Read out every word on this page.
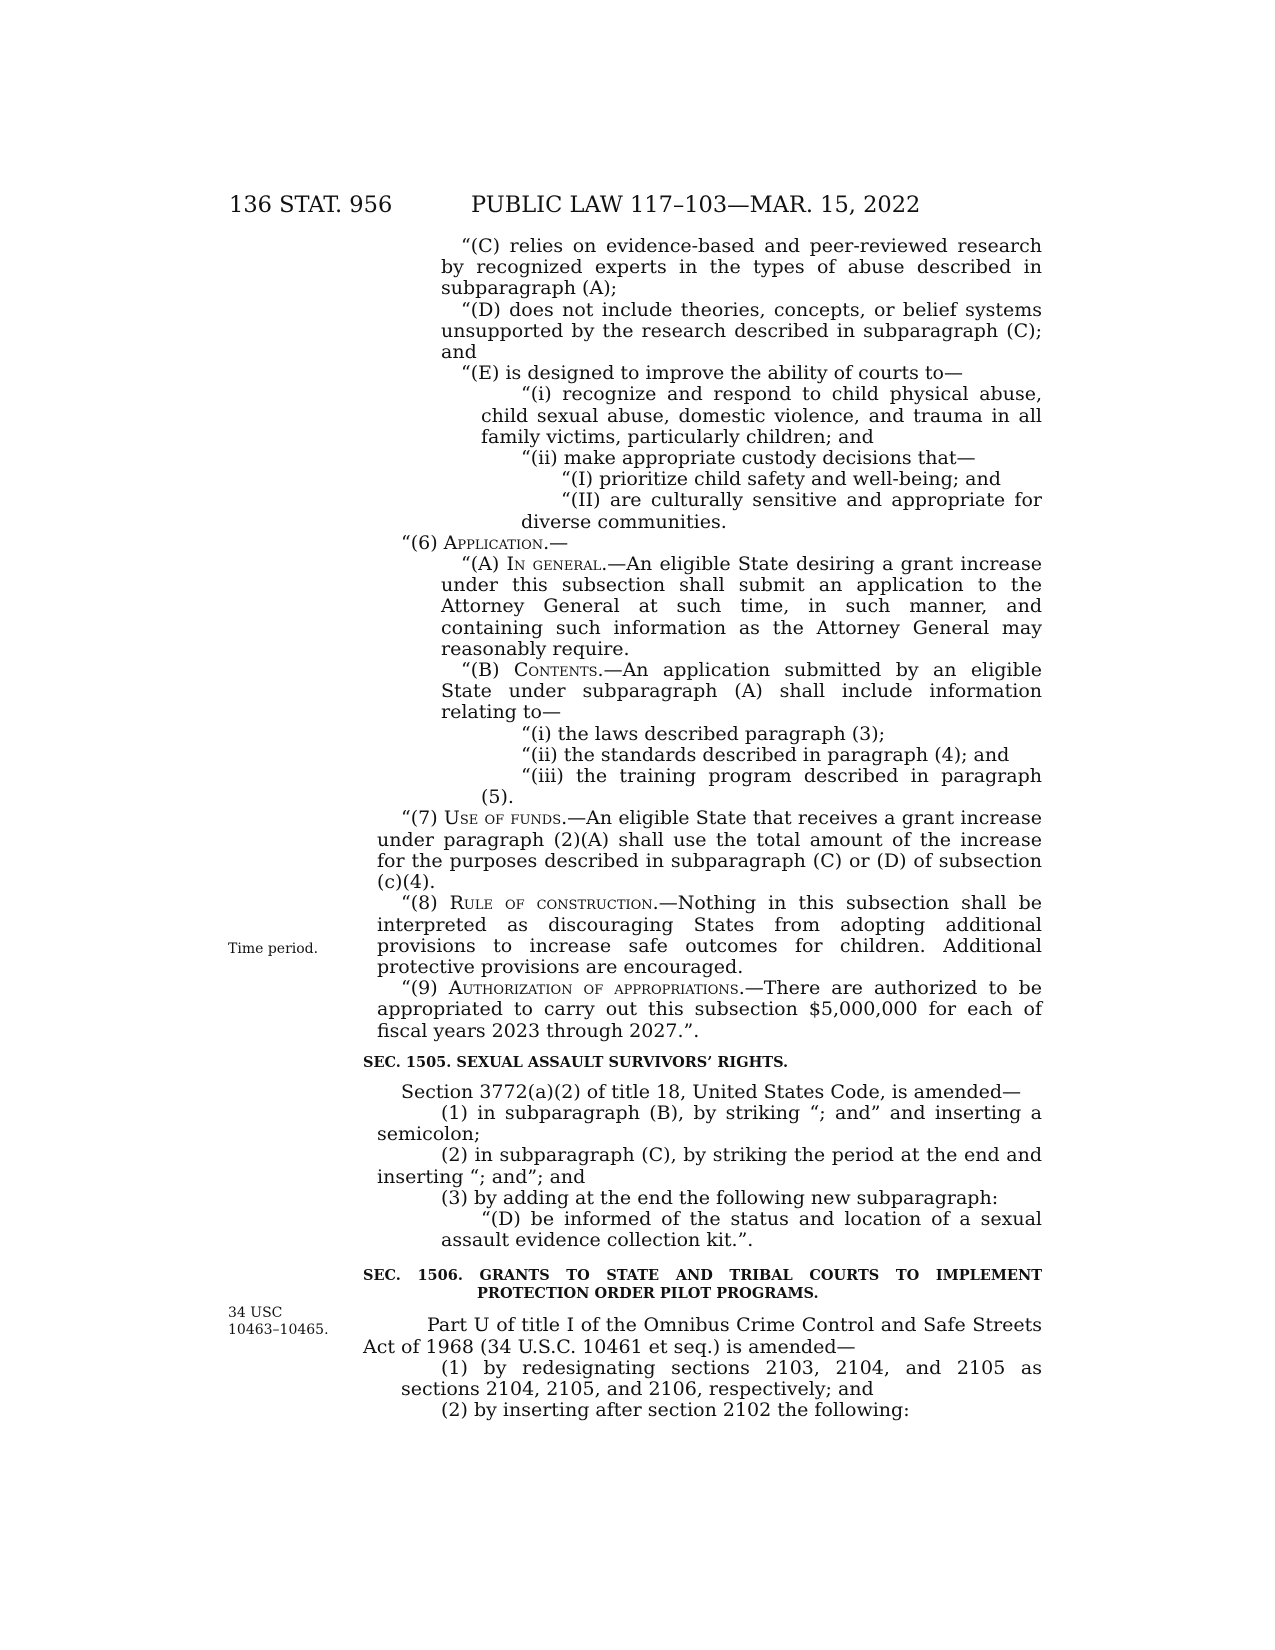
136 STAT. 956	PUBLIC LAW 117–103—MAR. 15, 2022
Time period.
34 USC
10463–10465.

“(C) relies on evidence-based and peer-reviewed research by recognized experts in the types of abuse described in subparagraph (A);

“(D) does not include theories, concepts, or belief systems unsupported by the research described in subparagraph (C); and

“(E) is designed to improve the ability of courts to—

“(i) recognize and respond to child physical abuse, child sexual abuse, domestic violence, and trauma in all family victims, particularly children; and

“(ii) make appropriate custody decisions that—

“(I) prioritize child safety and well-being; and

“(II) are culturally sensitive and appropriate for diverse communities.

“(6) Application.—

“(A) In general.—An eligible State desiring a grant increase under this subsection shall submit an application to the Attorney General at such time, in such manner, and containing such information as the Attorney General may reasonably require.

“(B) Contents.—An application submitted by an eligible State under subparagraph (A) shall include information relating to—

“(i) the laws described paragraph (3);

“(ii) the standards described in paragraph (4); and

“(iii) the training program described in paragraph (5).

“(7) Use of funds.—An eligible State that receives a grant increase under paragraph (2)(A) shall use the total amount of the increase for the purposes described in subparagraph (C) or (D) of subsection (c)(4).

“(8) Rule of construction.—Nothing in this subsection shall be interpreted as discouraging States from adopting additional provisions to increase safe outcomes for children. Additional protective provisions are encouraged.

“(9) Authorization of appropriations.—There are authorized to be appropriated to carry out this subsection $5,000,000 for each of fiscal years 2023 through 2027.”.

SEC. 1505. SEXUAL ASSAULT SURVIVORS’ RIGHTS.

Section 3772(a)(2) of title 18, United States Code, is amended—

(1) in subparagraph (B), by striking “; and” and inserting a semicolon;

(2) in subparagraph (C), by striking the period at the end and inserting “; and”; and

(3) by adding at the end the following new subparagraph:

“(D) be informed of the status and location of a sexual assault evidence collection kit.”.

SEC. 1506. GRANTS TO STATE AND TRIBAL COURTS TO IMPLEMENT PROTECTION ORDER PILOT PROGRAMS.

Part U of title I of the Omnibus Crime Control and Safe Streets Act of 1968 (34 U.S.C. 10461 et seq.) is amended—

(1) by redesignating sections 2103, 2104, and 2105 as sections 2104, 2105, and 2106, respectively; and

(2) by inserting after section 2102 the following:
